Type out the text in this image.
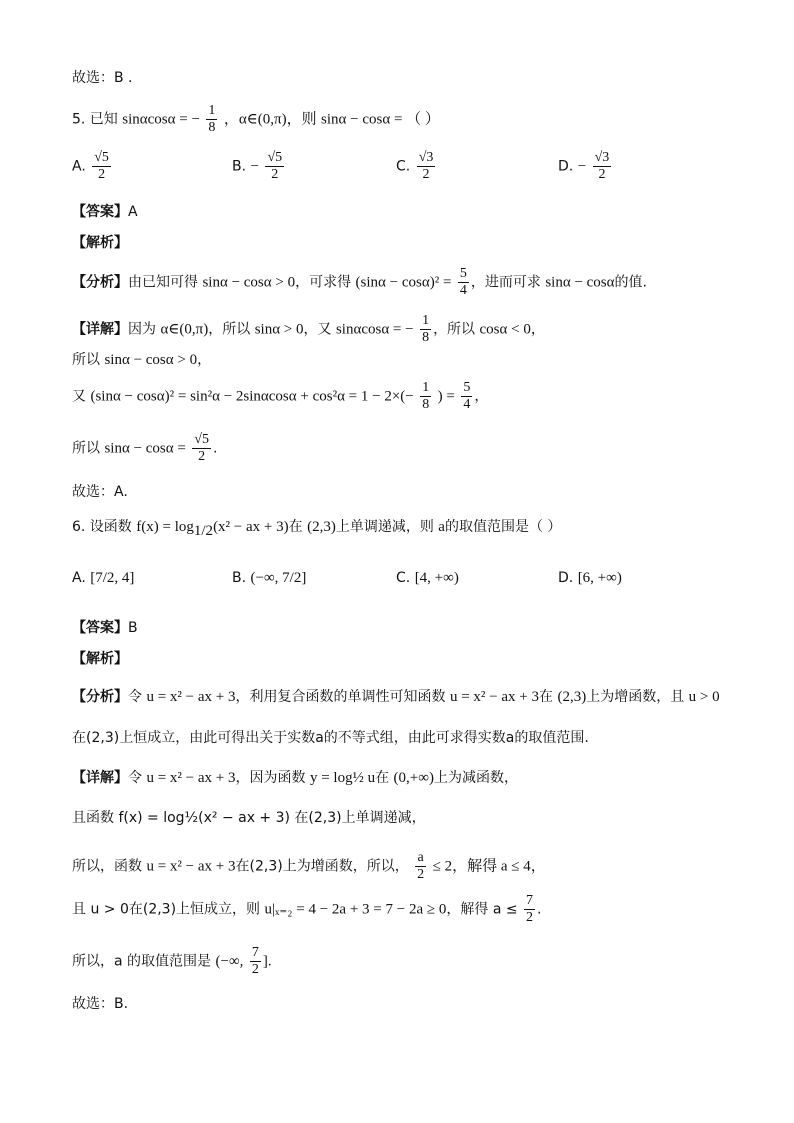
故选：B .
5. 已知 sinαcosα = − $\frac{1}{8}$ ，α∈(0,π)，则 sinα − cosα = （ ）
A. $\frac{√5}{2}$	B. − $\frac{√5}{2}$	C. $\frac{√3}{2}$	D. − $\frac{√3}{2}$
【答案】A
【解析】
【分析】由已知可得 sinα − cosα > 0，可求得 $(\sin\alpha - \cos\alpha)^2 = \frac{5}{4}$ ，进而可求 sinα − cosα的值.
【详解】因为 α∈(0,π)，所以 sinα > 0，又 sinαcosα = − $\frac{1}{8}$ ，所以 cosα < 0，
所以 sinα − cosα > 0，
又 $(\sin\alpha - \cos\alpha)^2 = \sin^2\alpha - 2\sin\alpha\cos\alpha + \cos^2\alpha = 1 - 2\times(- \frac{1}{8}$ ) = $\frac{5}{4}$ ，
所以 $\sin\alpha - \cos\alpha = \frac{√5}{2}$ .
故选：A.
6. 设函数 $f(x) = \log_{1/2}(x^2$ − ax + 3)在 (2,3)上单调递减，则 a的取值范围是（ ）
A. [7/2, 4]	B. (−∞, 7/2]	C. [4, +∞)	D. [6, +∞)
【答案】B
【解析】
【分析】令 u = x² − ax + 3，利用复合函数的单调性可知函数 u = x² − ax + 3在 (2,3)上为增函数，且 u > 0
在(2,3)上恒成立，由此可得出关于实数a的不等式组，由此可求得实数a的取值范围.
【详解】令 u = x² − ax + 3，因为函数 y = log½ u在 (0,+∞)上为减函数，
且函数 f(x) = log½(x² − ax + 3) 在(2,3)上单调递减，
所以，函数 u = x² − ax + 3在(2,3)上为增函数，所以， $\frac{a}{2} \le 2$，解得 a ≤ 4，
且 u > 0在(2,3)上恒成立，则 u|ₓ₌₂ = 4 − 2a + 3 = 7 − 2a ≥ 0，解得 $a \le \frac{7}{2}$ .
所以，a 的取值范围是 (−∞, $\frac{7}{2}$ ].
故选：B.
